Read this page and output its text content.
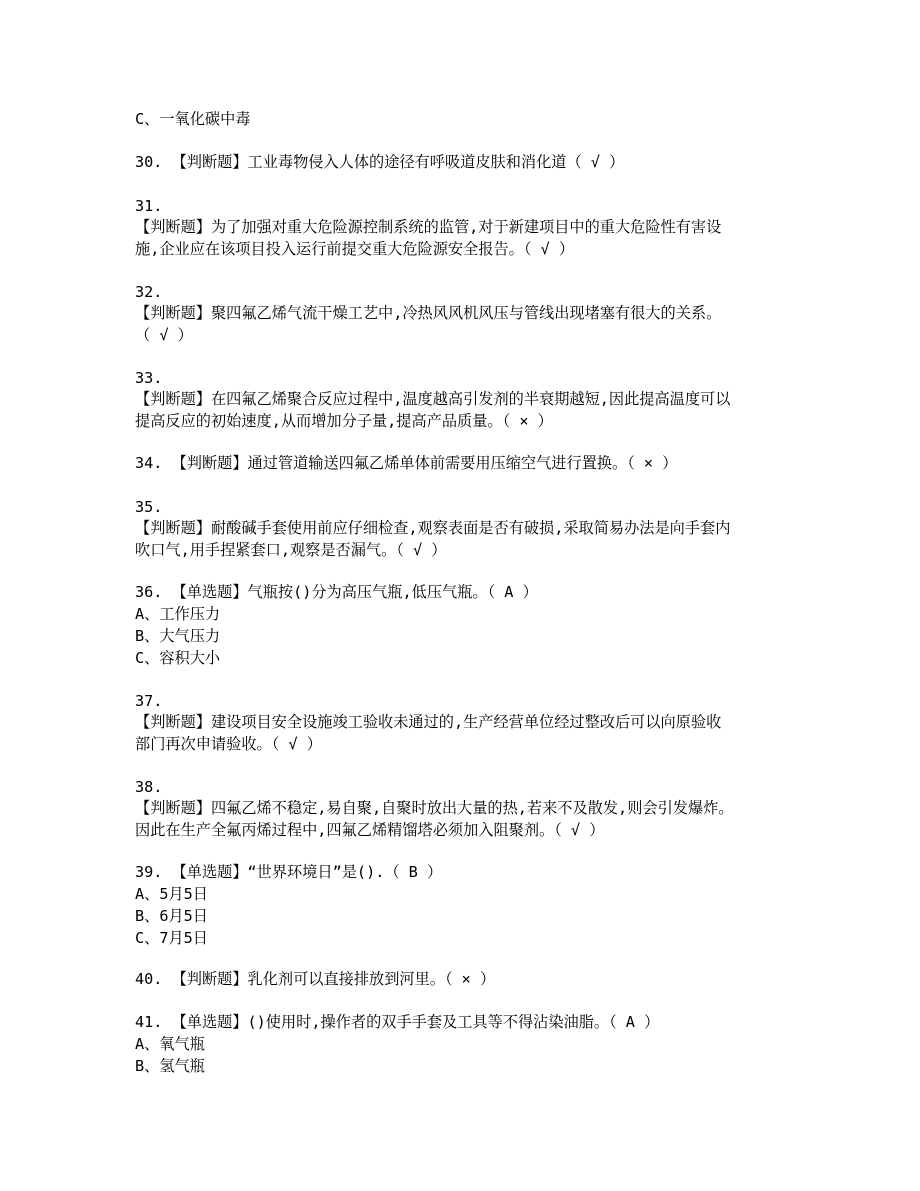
C、一氧化碳中毒
30. 【判断题】工业毒物侵入人体的途径有呼吸道皮肤和消化道（ √ ）
31.
【判断题】为了加强对重大危险源控制系统的监管,对于新建项目中的重大危险性有害设
施,企业应在该项目投入运行前提交重大危险源安全报告。（ √ ）
32.
【判断题】聚四氟乙烯气流干燥工艺中,冷热风风机风压与管线出现堵塞有很大的关系。
（ √ ）
33.
【判断题】在四氟乙烯聚合反应过程中,温度越高引发剂的半衰期越短,因此提高温度可以
提高反应的初始速度,从而增加分子量,提高产品质量。（ × ）
34. 【判断题】通过管道输送四氟乙烯单体前需要用压缩空气进行置换。（ × ）
35.
【判断题】耐酸碱手套使用前应仔细检查,观察表面是否有破损,采取简易办法是向手套内
吹口气,用手捏紧套口,观察是否漏气。（ √ ）
36. 【单选题】气瓶按()分为高压气瓶,低压气瓶。（ A ）
A、工作压力
B、大气压力
C、容积大小
37.
【判断题】建设项目安全设施竣工验收未通过的,生产经营单位经过整改后可以向原验收
部门再次申请验收。（ √ ）
38.
【判断题】四氟乙烯不稳定,易自聚,自聚时放出大量的热,若来不及散发,则会引发爆炸。
因此在生产全氟丙烯过程中,四氟乙烯精馏塔必须加入阻聚剂。（ √ ）
39. 【单选题】“世界环境日”是().（ B ）
A、5月5日
B、6月5日
C、7月5日
40. 【判断题】乳化剂可以直接排放到河里。（ × ）
41. 【单选题】()使用时,操作者的双手手套及工具等不得沾染油脂。（ A ）
A、氧气瓶
B、氢气瓶
